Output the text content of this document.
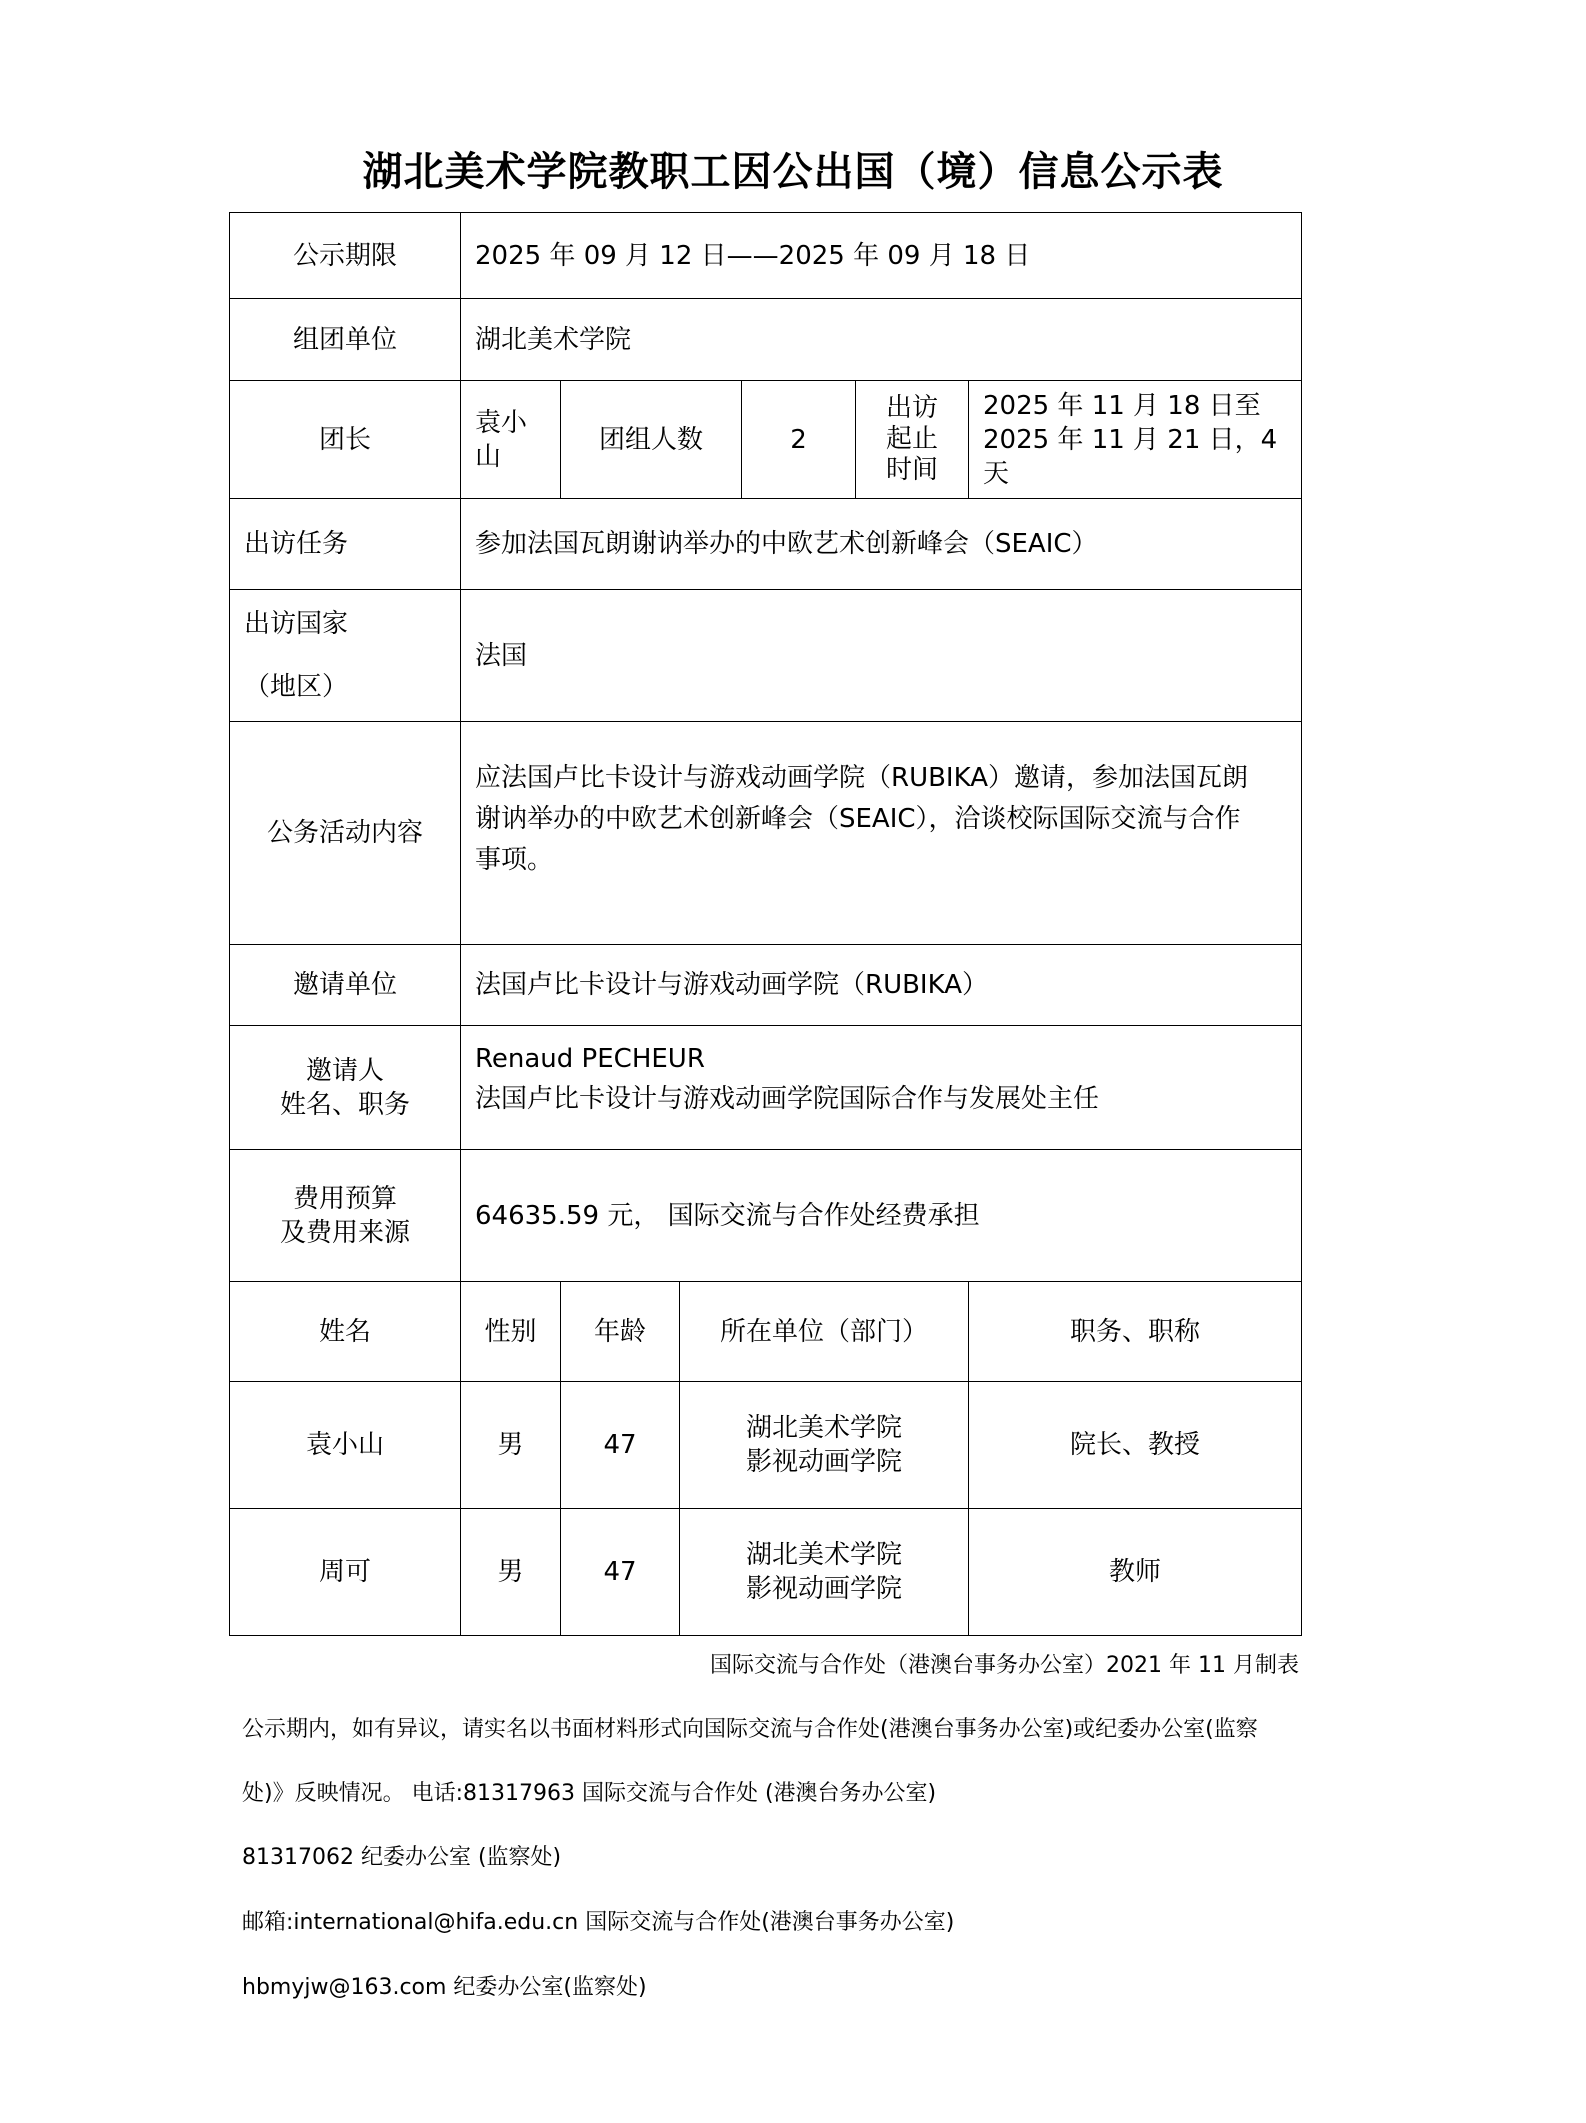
湖北美术学院教职工因公出国（境）信息公示表
公示期限	2025 年 09 月 12 日——2025 年 09 月 18 日					
组团单位	湖北美术学院					
团长	袁小山	团组人数		2	出访
起止
时间	2025 年 11 月 18 日至
2025 年 11 月 21 日，4 天

出访任务	参加法国瓦朗谢讷举办的中欧艺术创新峰会（SEAIC）					

出访国家
（地区）	法国					
公务活动内容	应法国卢比卡设计与游戏动画学院（RUBIKA）邀请，参加法国瓦朗
谢讷举办的中欧艺术创新峰会（SEAIC），洽谈校际国际交流与合作
事项。					

邀请单位	法国卢比卡设计与游戏动画学院（RUBIKA）					

邀请人
姓名、职务	Renaud PECHEUR
法国卢比卡设计与游戏动画学院国际合作与发展处主任					

费用预算
及费用来源	64635.59 元， 国际交流与合作处经费承担					
姓名	性别	年龄	所在单位（部门）			职务、职称
袁小山	男	47	湖北美术学院
影视动画学院			院长、教授
周可	男	47	湖北美术学院
影视动画学院			教师
国际交流与合作处（港澳台事务办公室）2021 年 11 月制表
公示期内，如有异议，请实名以书面材料形式向国际交流与合作处(港澳台事务办公室)或纪委办公室(监察
处)》反映情况。 电话:81317963 国际交流与合作处 (港澳台务办公室)
81317062 纪委办公室 (监察处)
邮箱:international@hifa.edu.cn 国际交流与合作处(港澳台事务办公室)
hbmyjw@163.com 纪委办公室(监察处)
